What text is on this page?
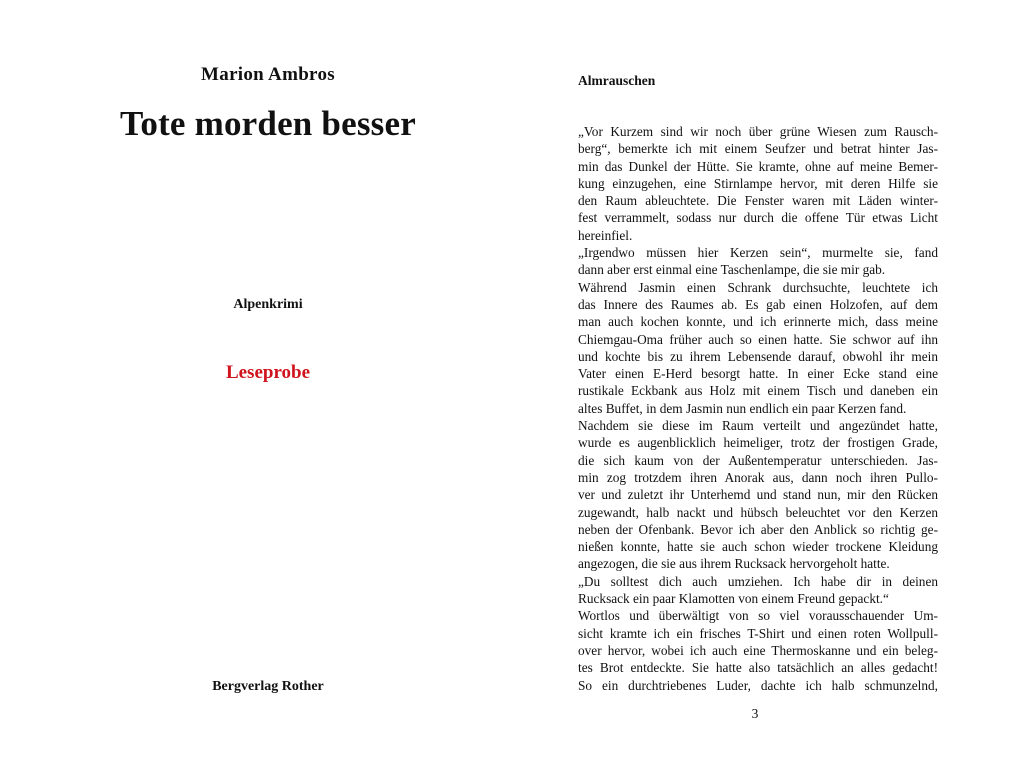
Marion Ambros
Tote morden besser
Alpenkrimi
Leseprobe
Bergverlag Rother
Almrauschen
„Vor Kurzem sind wir noch über grüne Wiesen zum Rausch-
berg“, bemerkte ich mit einem Seufzer und betrat hinter Jas-
min das Dunkel der Hütte. Sie kramte, ohne auf meine Bemer-
kung einzugehen, eine Stirnlampe hervor, mit deren Hilfe sie
den Raum ableuchtete. Die Fenster waren mit Läden winter-
fest verrammelt, sodass nur durch die offene Tür etwas Licht
hereinfiel.
„Irgendwo müssen hier Kerzen sein“, murmelte sie, fand
dann aber erst einmal eine Taschenlampe, die sie mir gab.
Während Jasmin einen Schrank durchsuchte, leuchtete ich
das Innere des Raumes ab. Es gab einen Holzofen, auf dem
man auch kochen konnte, und ich erinnerte mich, dass meine
Chiemgau-Oma früher auch so einen hatte. Sie schwor auf ihn
und kochte bis zu ihrem Lebensende darauf, obwohl ihr mein
Vater einen E-Herd besorgt hatte. In einer Ecke stand eine
rustikale Eckbank aus Holz mit einem Tisch und daneben ein
altes Buffet, in dem Jasmin nun endlich ein paar Kerzen fand.
Nachdem sie diese im Raum verteilt und angezündet hatte,
wurde es augenblicklich heimeliger, trotz der frostigen Grade,
die sich kaum von der Außentemperatur unterschieden. Jas-
min zog trotzdem ihren Anorak aus, dann noch ihren Pullo-
ver und zuletzt ihr Unterhemd und stand nun, mir den Rücken
zugewandt, halb nackt und hübsch beleuchtet vor den Kerzen
neben der Ofenbank. Bevor ich aber den Anblick so richtig ge-
nießen konnte, hatte sie auch schon wieder trockene Kleidung
angezogen, die sie aus ihrem Rucksack hervorgeholt hatte.
„Du solltest dich auch umziehen. Ich habe dir in deinen
Rucksack ein paar Klamotten von einem Freund gepackt.“
Wortlos und überwältigt von so viel vorausschauender Um-
sicht kramte ich ein frisches T-Shirt und einen roten Wollpull-
over hervor, wobei ich auch eine Thermoskanne und ein beleg-
tes Brot entdeckte. Sie hatte also tatsächlich an alles gedacht!
So ein durchtriebenes Luder, dachte ich halb schmunzelnd,
3
